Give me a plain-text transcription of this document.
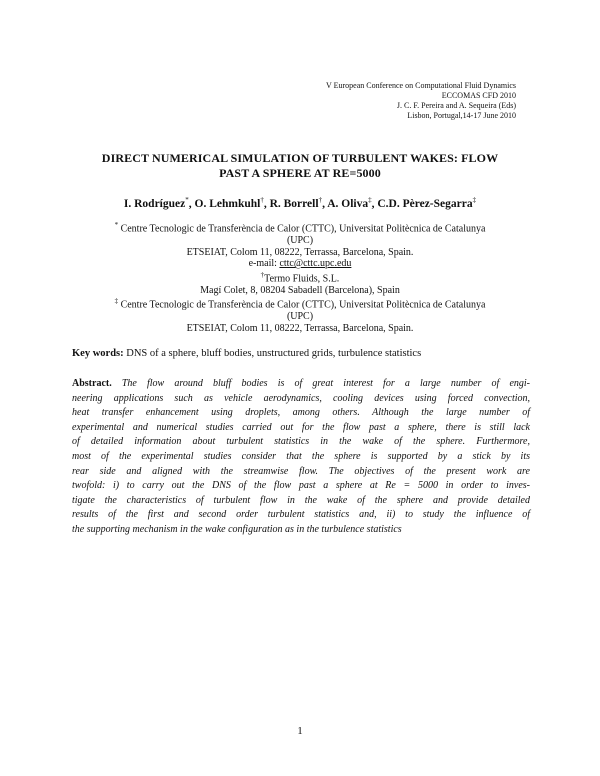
V European Conference on Computational Fluid Dynamics
ECCOMAS CFD 2010
J. C. F. Pereira and A. Sequeira (Eds)
Lisbon, Portugal,14-17 June 2010
DIRECT NUMERICAL SIMULATION OF TURBULENT WAKES: FLOW
PAST A SPHERE AT RE=5000
I. Rodríguez*, O. Lehmkuhl†, R. Borrell†, A. Oliva‡, C.D. Pèrez-Segarra‡
* Centre Tecnologic de Transferència de Calor (CTTC), Universitat Politècnica de Catalunya
(UPC)
ETSEIAT, Colom 11, 08222, Terrassa, Barcelona, Spain.
e-mail: cttc@cttc.upc.edu
†Termo Fluids, S.L.
Magí Colet, 8, 08204 Sabadell (Barcelona), Spain
‡ Centre Tecnologic de Transferència de Calor (CTTC), Universitat Politècnica de Catalunya
(UPC)
ETSEIAT, Colom 11, 08222, Terrassa, Barcelona, Spain.
Key words: DNS of a sphere, bluff bodies, unstructured grids, turbulence statistics
Abstract. The flow around bluff bodies is of great interest for a large number of engi-
neering applications such as vehicle aerodynamics, cooling devices using forced convection,
heat transfer enhancement using droplets, among others. Although the large number of
experimental and numerical studies carried out for the flow past a sphere, there is still lack
of detailed information about turbulent statistics in the wake of the sphere. Furthermore,
most of the experimental studies consider that the sphere is supported by a stick by its
rear side and aligned with the streamwise flow. The objectives of the present work are
twofold: i) to carry out the DNS of the flow past a sphere at Re = 5000 in order to inves-
tigate the characteristics of turbulent flow in the wake of the sphere and provide detailed
results of the first and second order turbulent statistics and, ii) to study the influence of
the supporting mechanism in the wake configuration as in the turbulence statistics
1
